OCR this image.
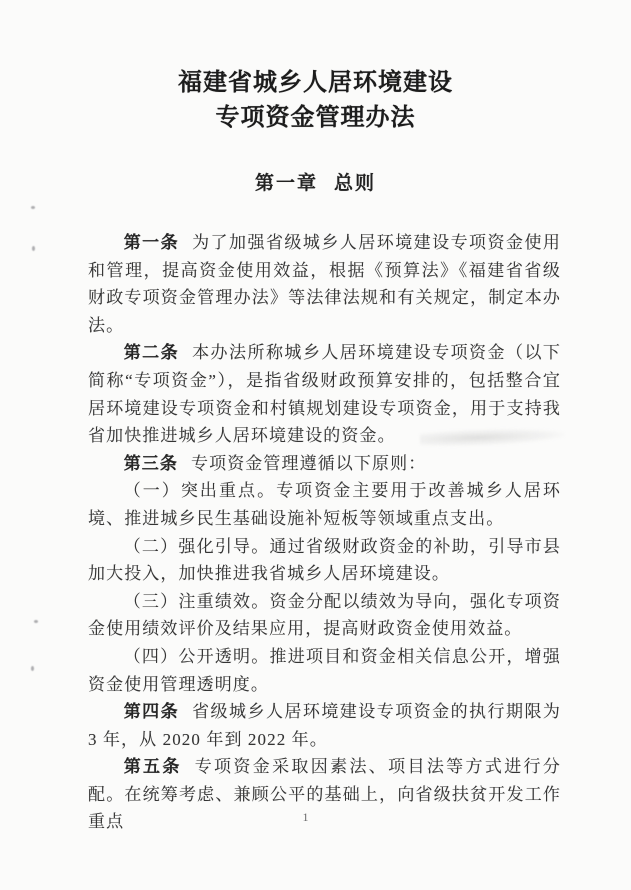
福建省城乡人居环境建设
专项资金管理办法
第一章 总则

第一条 为了加强省级城乡人居环境建设专项资金使用和管理，提高资金使用效益，根据《预算法》《福建省省级财政专项资金管理办法》等法律法规和有关规定，制定本办法。

第二条 本办法所称城乡人居环境建设专项资金（以下简称“专项资金”），是指省级财政预算安排的，包括整合宜居环境建设专项资金和村镇规划建设专项资金，用于支持我省加快推进城乡人居环境建设的资金。

第三条 专项资金管理遵循以下原则：

（一）突出重点。专项资金主要用于改善城乡人居环境、推进城乡民生基础设施补短板等领域重点支出。

（二）强化引导。通过省级财政资金的补助，引导市县加大投入，加快推进我省城乡人居环境建设。

（三）注重绩效。资金分配以绩效为导向，强化专项资金使用绩效评价及结果应用，提高财政资金使用效益。

（四）公开透明。推进项目和资金相关信息公开，增强资金使用管理透明度。

第四条 省级城乡人居环境建设专项资金的执行期限为 3 年，从 2020 年到 2022 年。

第五条 专项资金采取因素法、项目法等方式进行分配。在统筹考虑、兼顾公平的基础上，向省级扶贫开发工作重点	1
